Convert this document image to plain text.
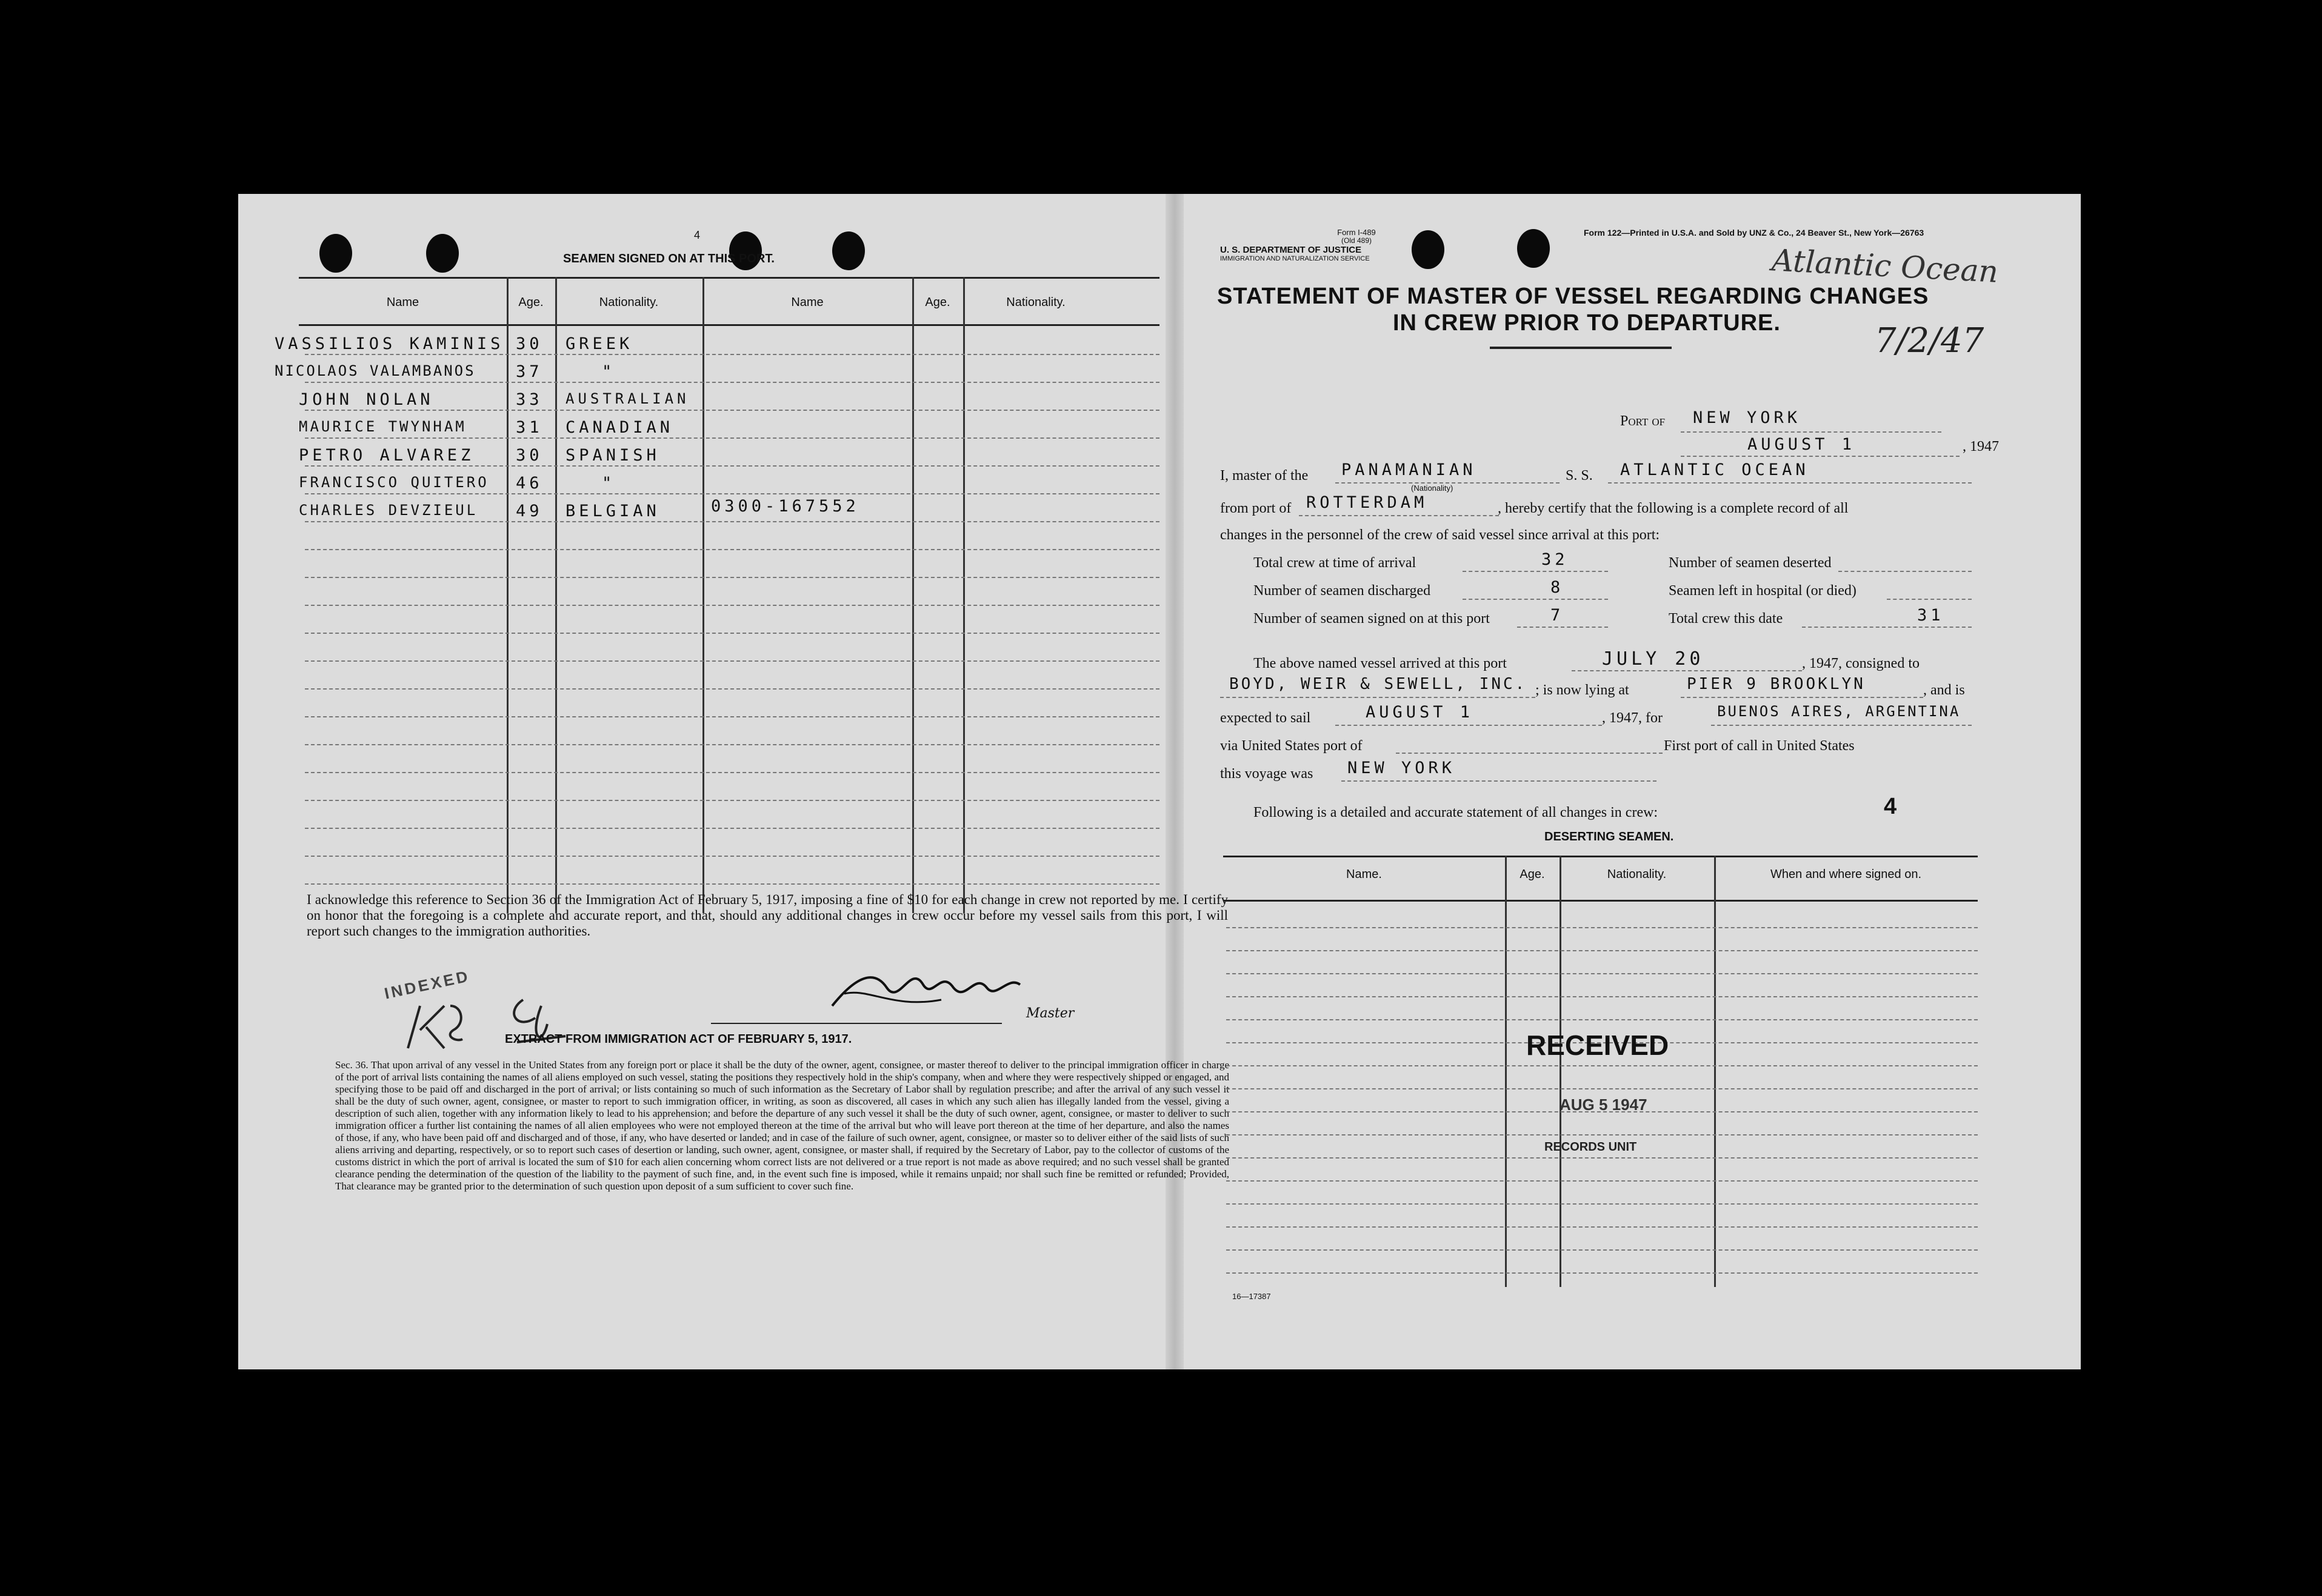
4
SEAMEN SIGNED ON AT THIS PORT.
Name	Age.	Nationality.	Name	Age.	Nationality.
VASSILIOS KAMINIS 30 GREEK
NICOLAOS VALAMBANOS 37	"
JOHN NOLAN	33 AUSTRALIAN
MAURICE TWYNHAM	31 CANADIAN
PETRO ALVAREZ	30 SPANISH
FRANCISCO QUITERO 46	"
CHARLES DEVZIEUL 49 BELGIAN	0300-167552
I acknowledge this reference to Section 36 of the Immigration Act of February 5, 1917, imposing a fine of $10 for each change in crew not reported by me. I certify on honor that the foregoing is a complete and accurate report, and that, should any additional changes in crew occur before my vessel sails from this port, I will report such changes to the immigration authorities.
Master
INDEXED
EXTRACT FROM IMMIGRATION ACT OF FEBRUARY 5, 1917.
Sec. 36. That upon arrival of any vessel in the United States from any foreign port or place it shall be the duty of the owner, agent, consignee, or master thereof to deliver to the principal immigration officer in charge of the port of arrival lists containing the names of all aliens employed on such vessel, stating the positions they respectively hold in the ship's company, when and where they were respectively shipped or engaged, and specifying those to be paid off and discharged in the port of arrival; or lists containing so much of such information as the Secretary of Labor shall by regulation prescribe; and after the arrival of any such vessel it shall be the duty of such owner, agent, consignee, or master to report to such immigration officer, in writing, as soon as discovered, all cases in which any such alien has illegally landed from the vessel, giving a description of such alien, together with any information likely to lead to his apprehension; and before the departure of any such vessel it shall be the duty of such owner, agent, consignee, or master to deliver to such immigration officer a further list containing the names of all alien employees who were not employed thereon at the time of the arrival but who will leave port thereon at the time of her departure, and also the names of those, if any, who have been paid off and discharged and of those, if any, who have deserted or landed; and in case of the failure of such owner, agent, consignee, or master so to deliver either of the said lists of such aliens arriving and departing, respectively, or so to report such cases of desertion or landing, such owner, agent, consignee, or master shall, if required by the Secretary of Labor, pay to the collector of customs of the customs district in which the port of arrival is located the sum of $10 for each alien concerning whom correct lists are not delivered or a true report is not made as above required; and no such vessel shall be granted clearance pending the determination of the question of the liability to the payment of such fine, and, in the event such fine is imposed, while it remains unpaid; nor shall such fine be remitted or refunded; Provided, That clearance may be granted prior to the determination of such question upon deposit of a sum sufficient to cover such fine.
Form I-489
(Old 489)
U. S. DEPARTMENT OF JUSTICE
IMMIGRATION AND NATURALIZATION SERVICE
Form 122—Printed in U.S.A. and Sold by UNZ & Co., 24 Beaver St., New York—26763
Atlantic Ocean
STATEMENT OF MASTER OF VESSEL REGARDING CHANGES
IN CREW PRIOR TO DEPARTURE.	7/2/47
Port of NEW YORK
AUGUST 1	, 1947
I, master of the PANAMANIAN
(Nationality)
S. S. ATLANTIC OCEAN
from port of ROTTERDAM	, hereby certify that the following is a complete record of all
changes in the personnel of the crew of said vessel since arrival at this port:
Total crew at time of arrival	32	Number of seamen deserted
Number of seamen discharged	8	Seamen left in hospital (or died)
Number of seamen signed on at this port	7	Total crew this date	31
The above named vessel arrived at this port	JULY 20	, 1947, consigned to
BOYD, WEIR & SEWELL, INC. ; is now lying at	PIER 9 BROOKLYN	, and is
expected to sail	AUGUST 1	, 1947, for	BUENOS AIRES, ARGENTINA
via United States port of	First port of call in United States
this voyage was NEW YORK
Following is a detailed and accurate statement of all changes in crew:	4
DESERTING SEAMEN.
Name.	Age.	Nationality.	When and where signed on.
RECEIVED
AUG 5 1947
RECORDS UNIT
16—17387
